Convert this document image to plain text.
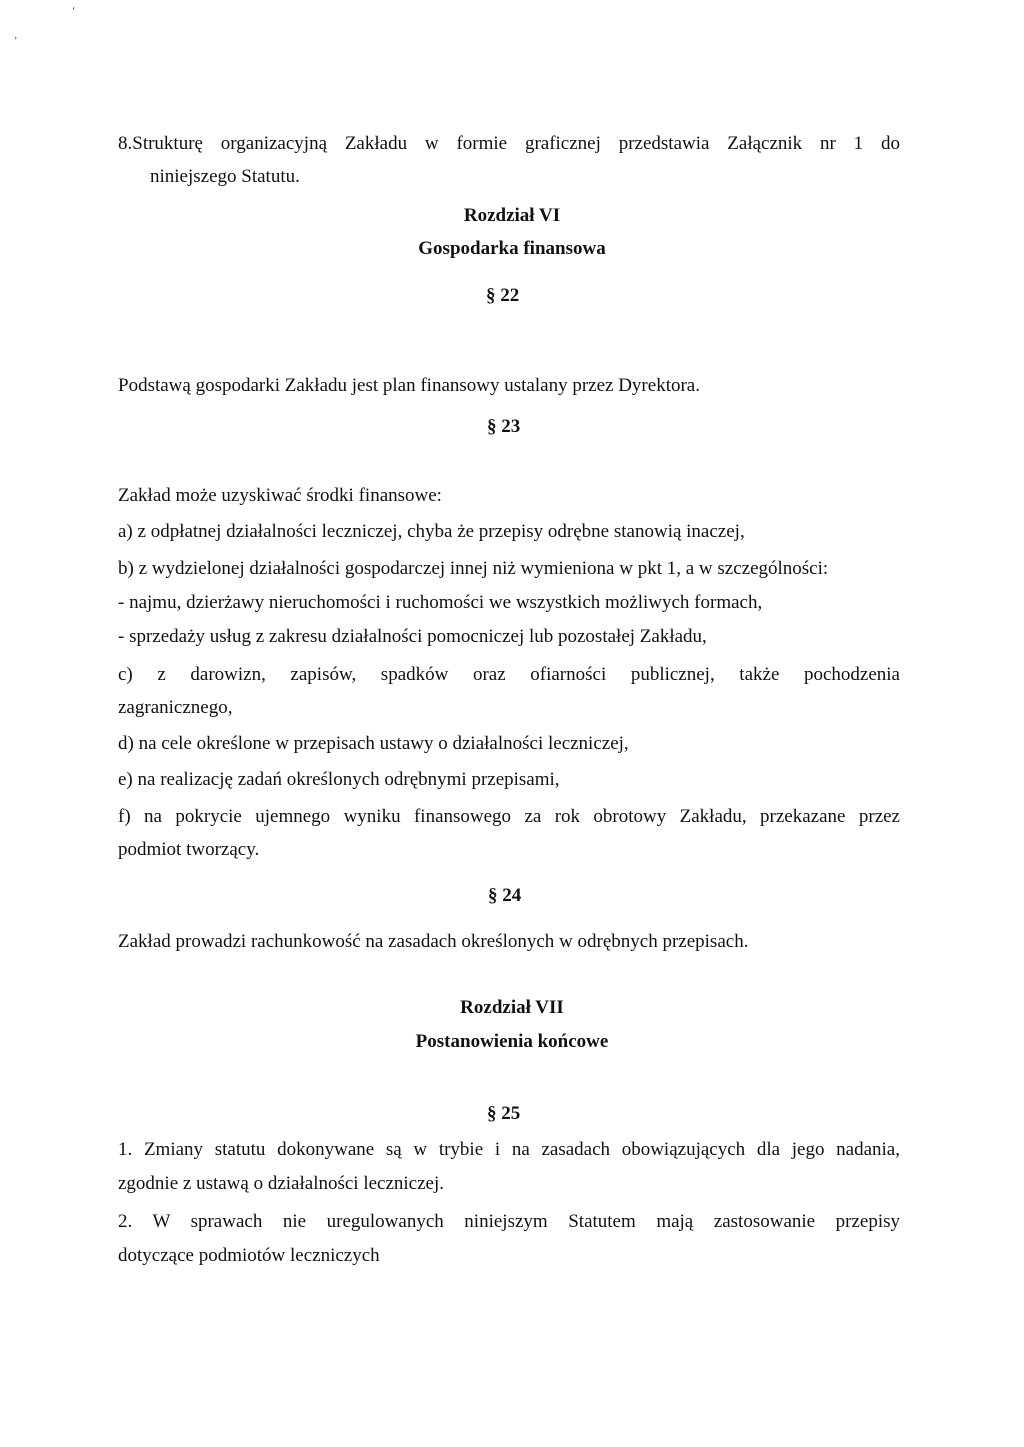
‘
‚
8.Strukturę organizacyjną Zakładu w formie graficznej przedstawia Załącznik nr 1 do
niniejszego Statutu.
Rozdział VI
Gospodarka finansowa
§ 22
Podstawą gospodarki Zakładu jest plan finansowy ustalany przez Dyrektora.
§ 23
Zakład może uzyskiwać środki finansowe:
a) z odpłatnej działalności leczniczej, chyba że przepisy odrębne stanowią inaczej,
b) z wydzielonej działalności gospodarczej innej niż wymieniona w pkt 1, a w szczególności:
- najmu, dzierżawy nieruchomości i ruchomości we wszystkich możliwych formach,
- sprzedaży usług z zakresu działalności pomocniczej lub pozostałej Zakładu,
c) z darowizn, zapisów, spadków oraz ofiarności publicznej, także pochodzenia
zagranicznego,
d) na cele określone w przepisach ustawy o działalności leczniczej,
e) na realizację zadań określonych odrębnymi przepisami,
f) na pokrycie ujemnego wyniku finansowego za rok obrotowy Zakładu, przekazane przez
podmiot tworzący.
§ 24
Zakład prowadzi rachunkowość na zasadach określonych w odrębnych przepisach.
Rozdział VII
Postanowienia końcowe
§ 25
1. Zmiany statutu dokonywane są w trybie i na zasadach obowiązujących dla jego nadania,
zgodnie z ustawą o działalności leczniczej.
2. W sprawach nie uregulowanych niniejszym Statutem mają zastosowanie przepisy
dotyczące podmiotów leczniczych
